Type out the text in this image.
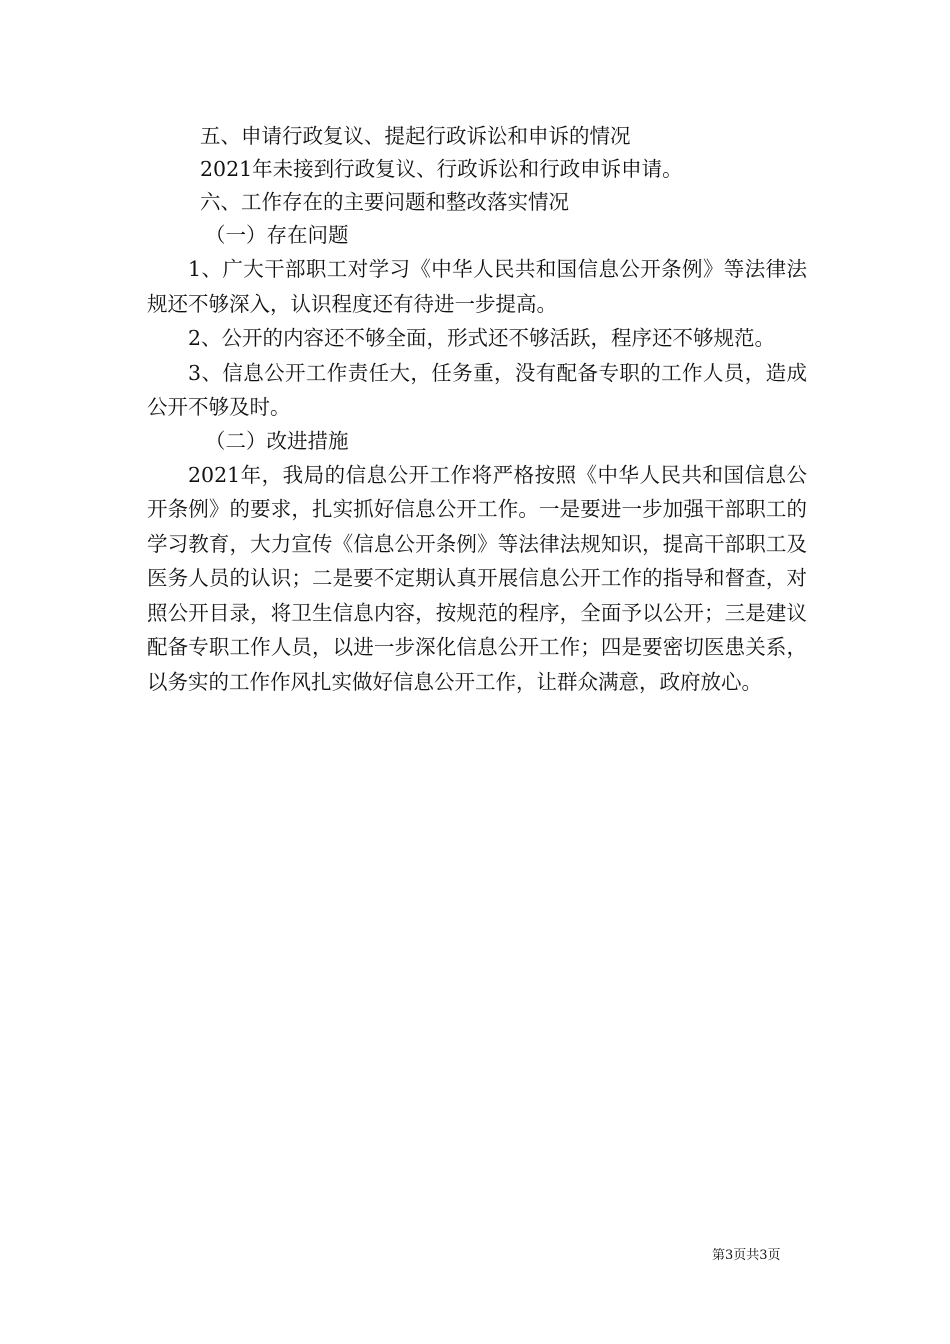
五、申请行政复议、提起行政诉讼和申诉的情况
2021年未接到行政复议、行政诉讼和行政申诉申请。
六、工作存在的主要问题和整改落实情况
（一）存在问题

1、广大干部职工对学习《中华人民共和国信息公开条例》等法律法规还不够深入，认识程度还有待进一步提高。

2、公开的内容还不够全面，形式还不够活跃，程序还不够规范。

3、信息公开工作责任大，任务重，没有配备专职的工作人员，造成公开不够及时。

（二）改进措施

2021年，我局的信息公开工作将严格按照《中华人民共和国信息公开条例》的要求，扎实抓好信息公开工作。一是要进一步加强干部职工的学习教育，大力宣传《信息公开条例》等法律法规知识，提高干部职工及医务人员的认识；二是要不定期认真开展信息公开工作的指导和督查，对照公开目录，将卫生信息内容，按规范的程序，全面予以公开；三是建议配备专职工作人员，以进一步深化信息公开工作；四是要密切医患关系，以务实的工作作风扎实做好信息公开工作，让群众满意，政府放心。

第3页共3页
